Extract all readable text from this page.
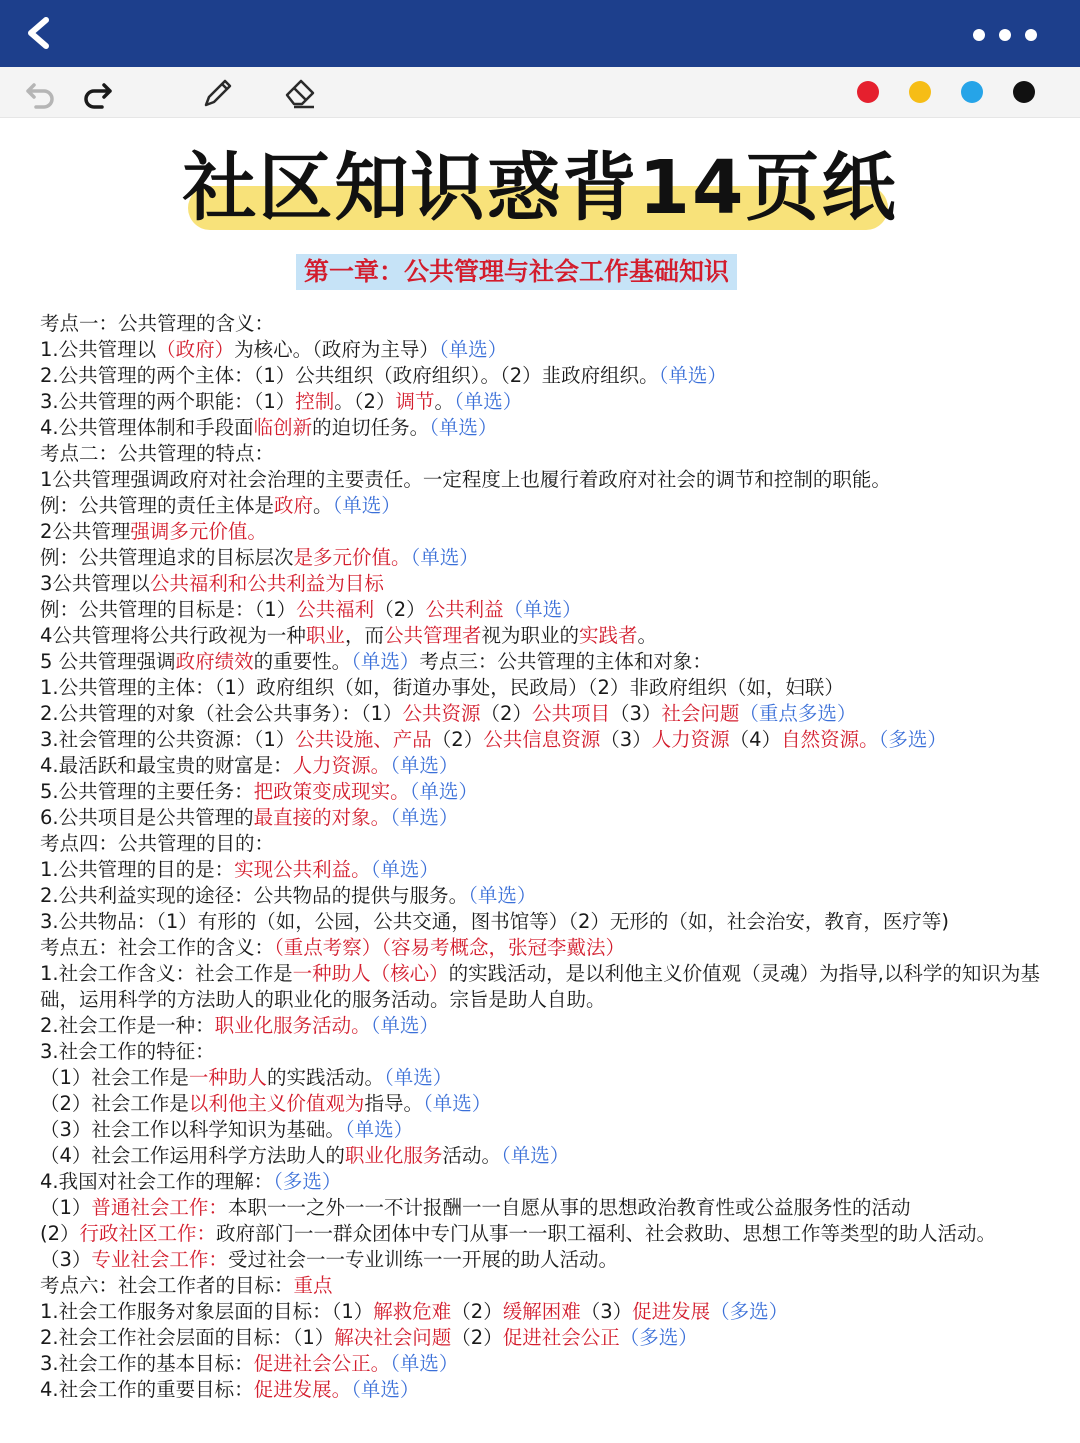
社区知识惑背14页纸
第一章：公共管理与社会工作基础知识
考点一：公共管理的含义：
1.公共管理以（政府）为核心。（政府为主导）（单选）
2.公共管理的两个主体：（1）公共组织（政府组织）。（2）韭政府组织。（单选）
3.公共管理的两个职能：（1）控制。（2）调节。（单选）
4.公共管理体制和手段面临创新的迫切任务。（单选）
考点二：公共管理的特点：
1公共管理强调政府对社会治理的主要责任。一定程度上也履行着政府对社会的调节和控制的职能。
例：公共管理的责任主体是政府。（单选）
2公共管理强调多元价值。
例：公共管理追求的目标层次是多元价值。（单选）
3公共管理以公共福利和公共利益为目标
例：公共管理的目标是：（1）公共福利（2）公共利益（单选）
4公共管理将公共行政视为一种职业，而公共管理者视为职业的实践者。
5 公共管理强调政府绩效的重要性。（单选）考点三：公共管理的主体和对象：
1.公共管理的主体：（1）政府组织（如，街道办事处，民政局）（2）非政府组织（如，妇联）
2.公共管理的对象（社会公共事务）：（1）公共资源（2）公共项目（3）社会问题（重点多选）
3.社会管理的公共资源：（1）公共设施、产品（2）公共信息资源（3）人力资源（4）自然资源。（多选）
4.最活跃和最宝贵的财富是：人力资源。（单选）
5.公共管理的主要任务：把政策变成现实。（单选）
6.公共项目是公共管理的最直接的对象。（单选）
考点四：公共管理的目的：
1.公共管理的目的是：实现公共利益。（单选）
2.公共利益实现的途径：公共物品的提供与服务。（单选）
3.公共物品：（1）有形的（如，公园，公共交通，图书馆等）（2）无形的（如，社会治安，教育，医疗等)
考点五：社会工作的含义：（重点考察）（容易考概念，张冠李戴法）
1.社会工作含义：社会工作是一种助人（核心）的实践活动，是以利他主义价值观（灵魂）为指导,以科学的知识为基础，运用科学的方法助人的职业化的服务活动。宗旨是助人自助。
2.社会工作是一种：职业化服务活动。（单选）
3.社会工作的特征：
（1）社会工作是一种助人的实践活动。（单选）
（2）社会工作是以利他主义价值观为指导。（单选）
（3）社会工作以科学知识为基础。（单选）
（4）社会工作运用科学方法助人的职业化服务活动。（单选）
4.我国对社会工作的理解：（多选）
（1）普通社会工作：本职一一之外一一不计报酬一一自愿从事的思想政治教育性或公益服务性的活动
(2）行政社区工作：政府部门一一群众团体中专门从事一一职工福利、社会救助、思想工作等类型的助人活动。
（3）专业社会工作：受过社会一一专业训练一一开展的助人活动。
考点六：社会工作者的目标：重点
1.社会工作服务对象层面的目标：（1）解救危难（2）缓解困难（3）促进发展（多选）
2.社会工作社会层面的目标：（1）解决社会问题（2）促进社会公正（多选）
3.社会工作的基本目标：促进社会公正。（单选）
4.社会工作的重要目标：促进发展。（单选）
